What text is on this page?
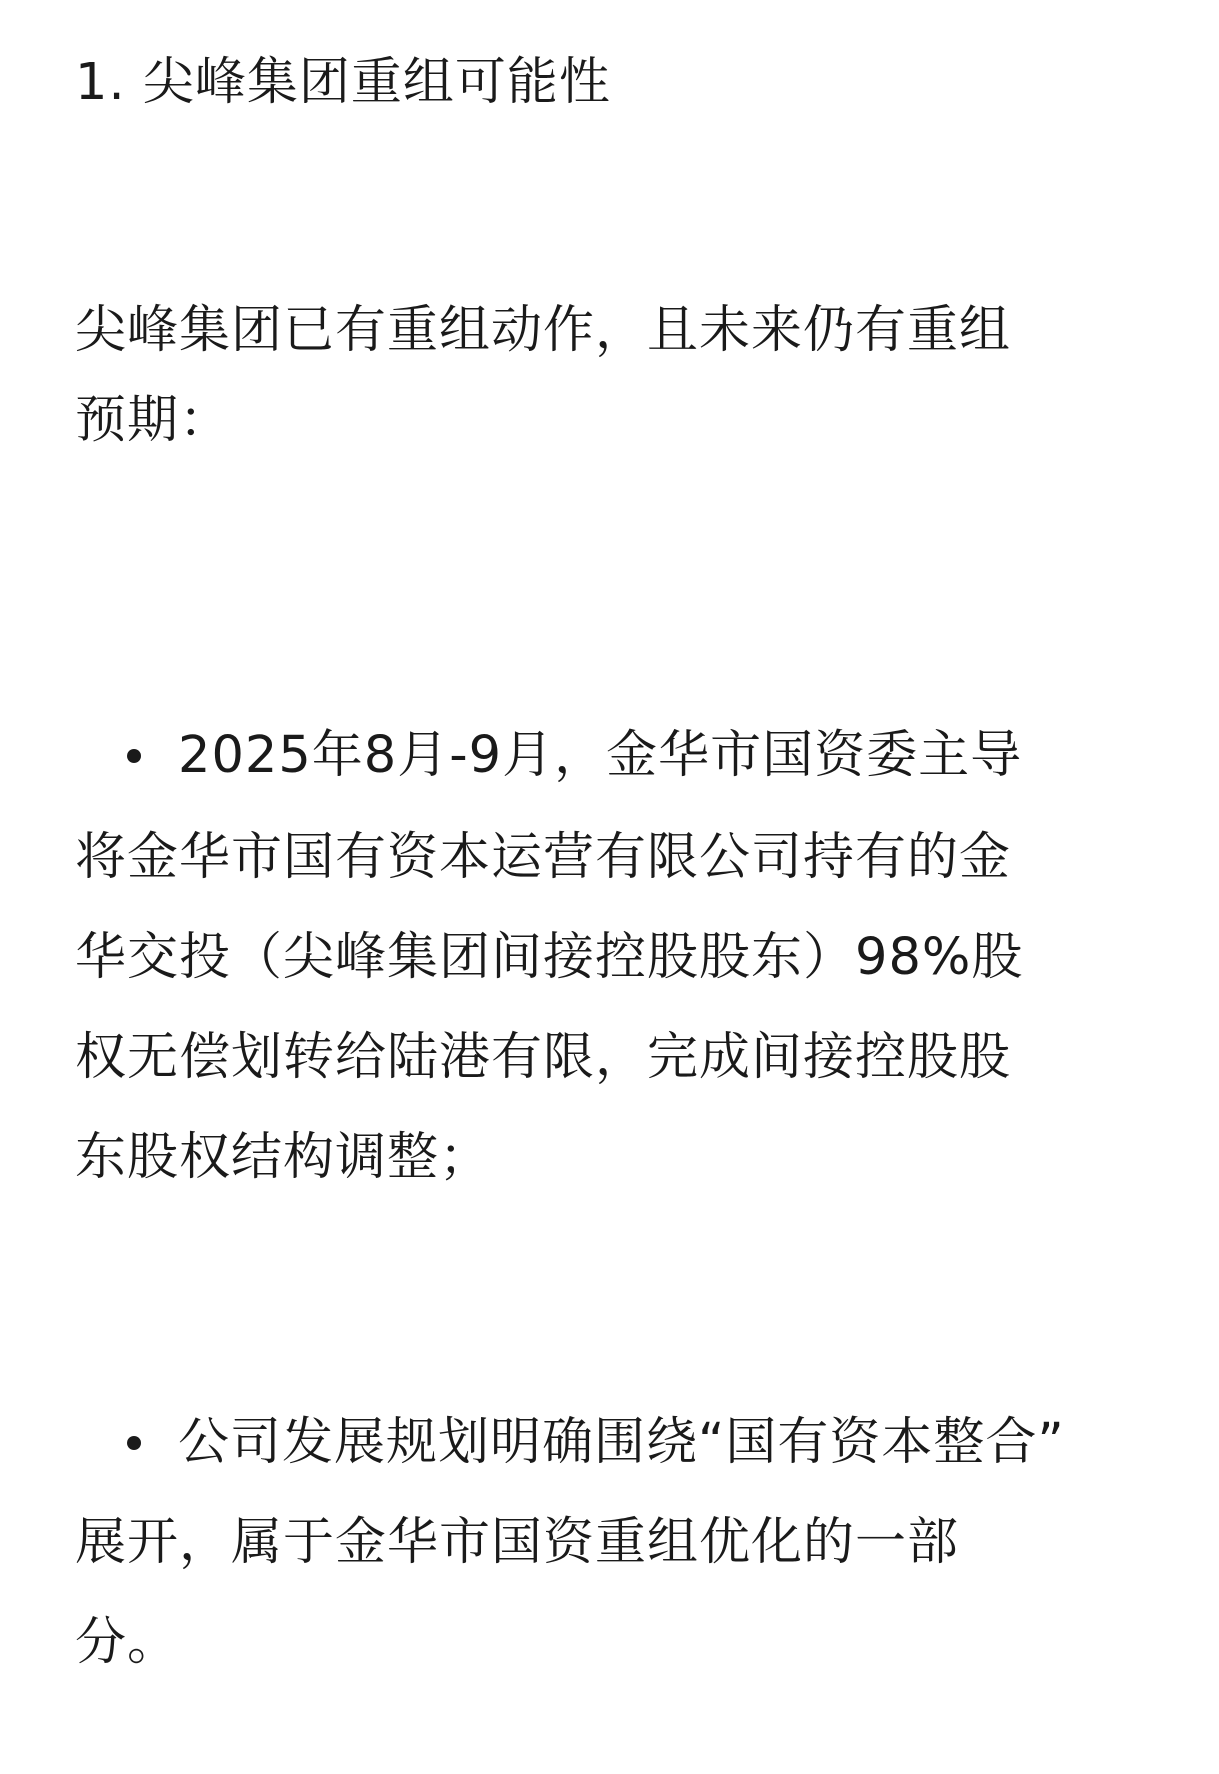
1. 尖峰集团重组可能性
尖峰集团已有重组动作，且未来仍有重组
预期：
2025年8月-9月，金华市国资委主导
将金华市国有资本运营有限公司持有的金
华交投（尖峰集团间接控股股东）98%股
权无偿划转给陆港有限，完成间接控股股
东股权结构调整；
公司发展规划明确围绕“国有资本整合”
展开，属于金华市国资重组优化的一部
分。
